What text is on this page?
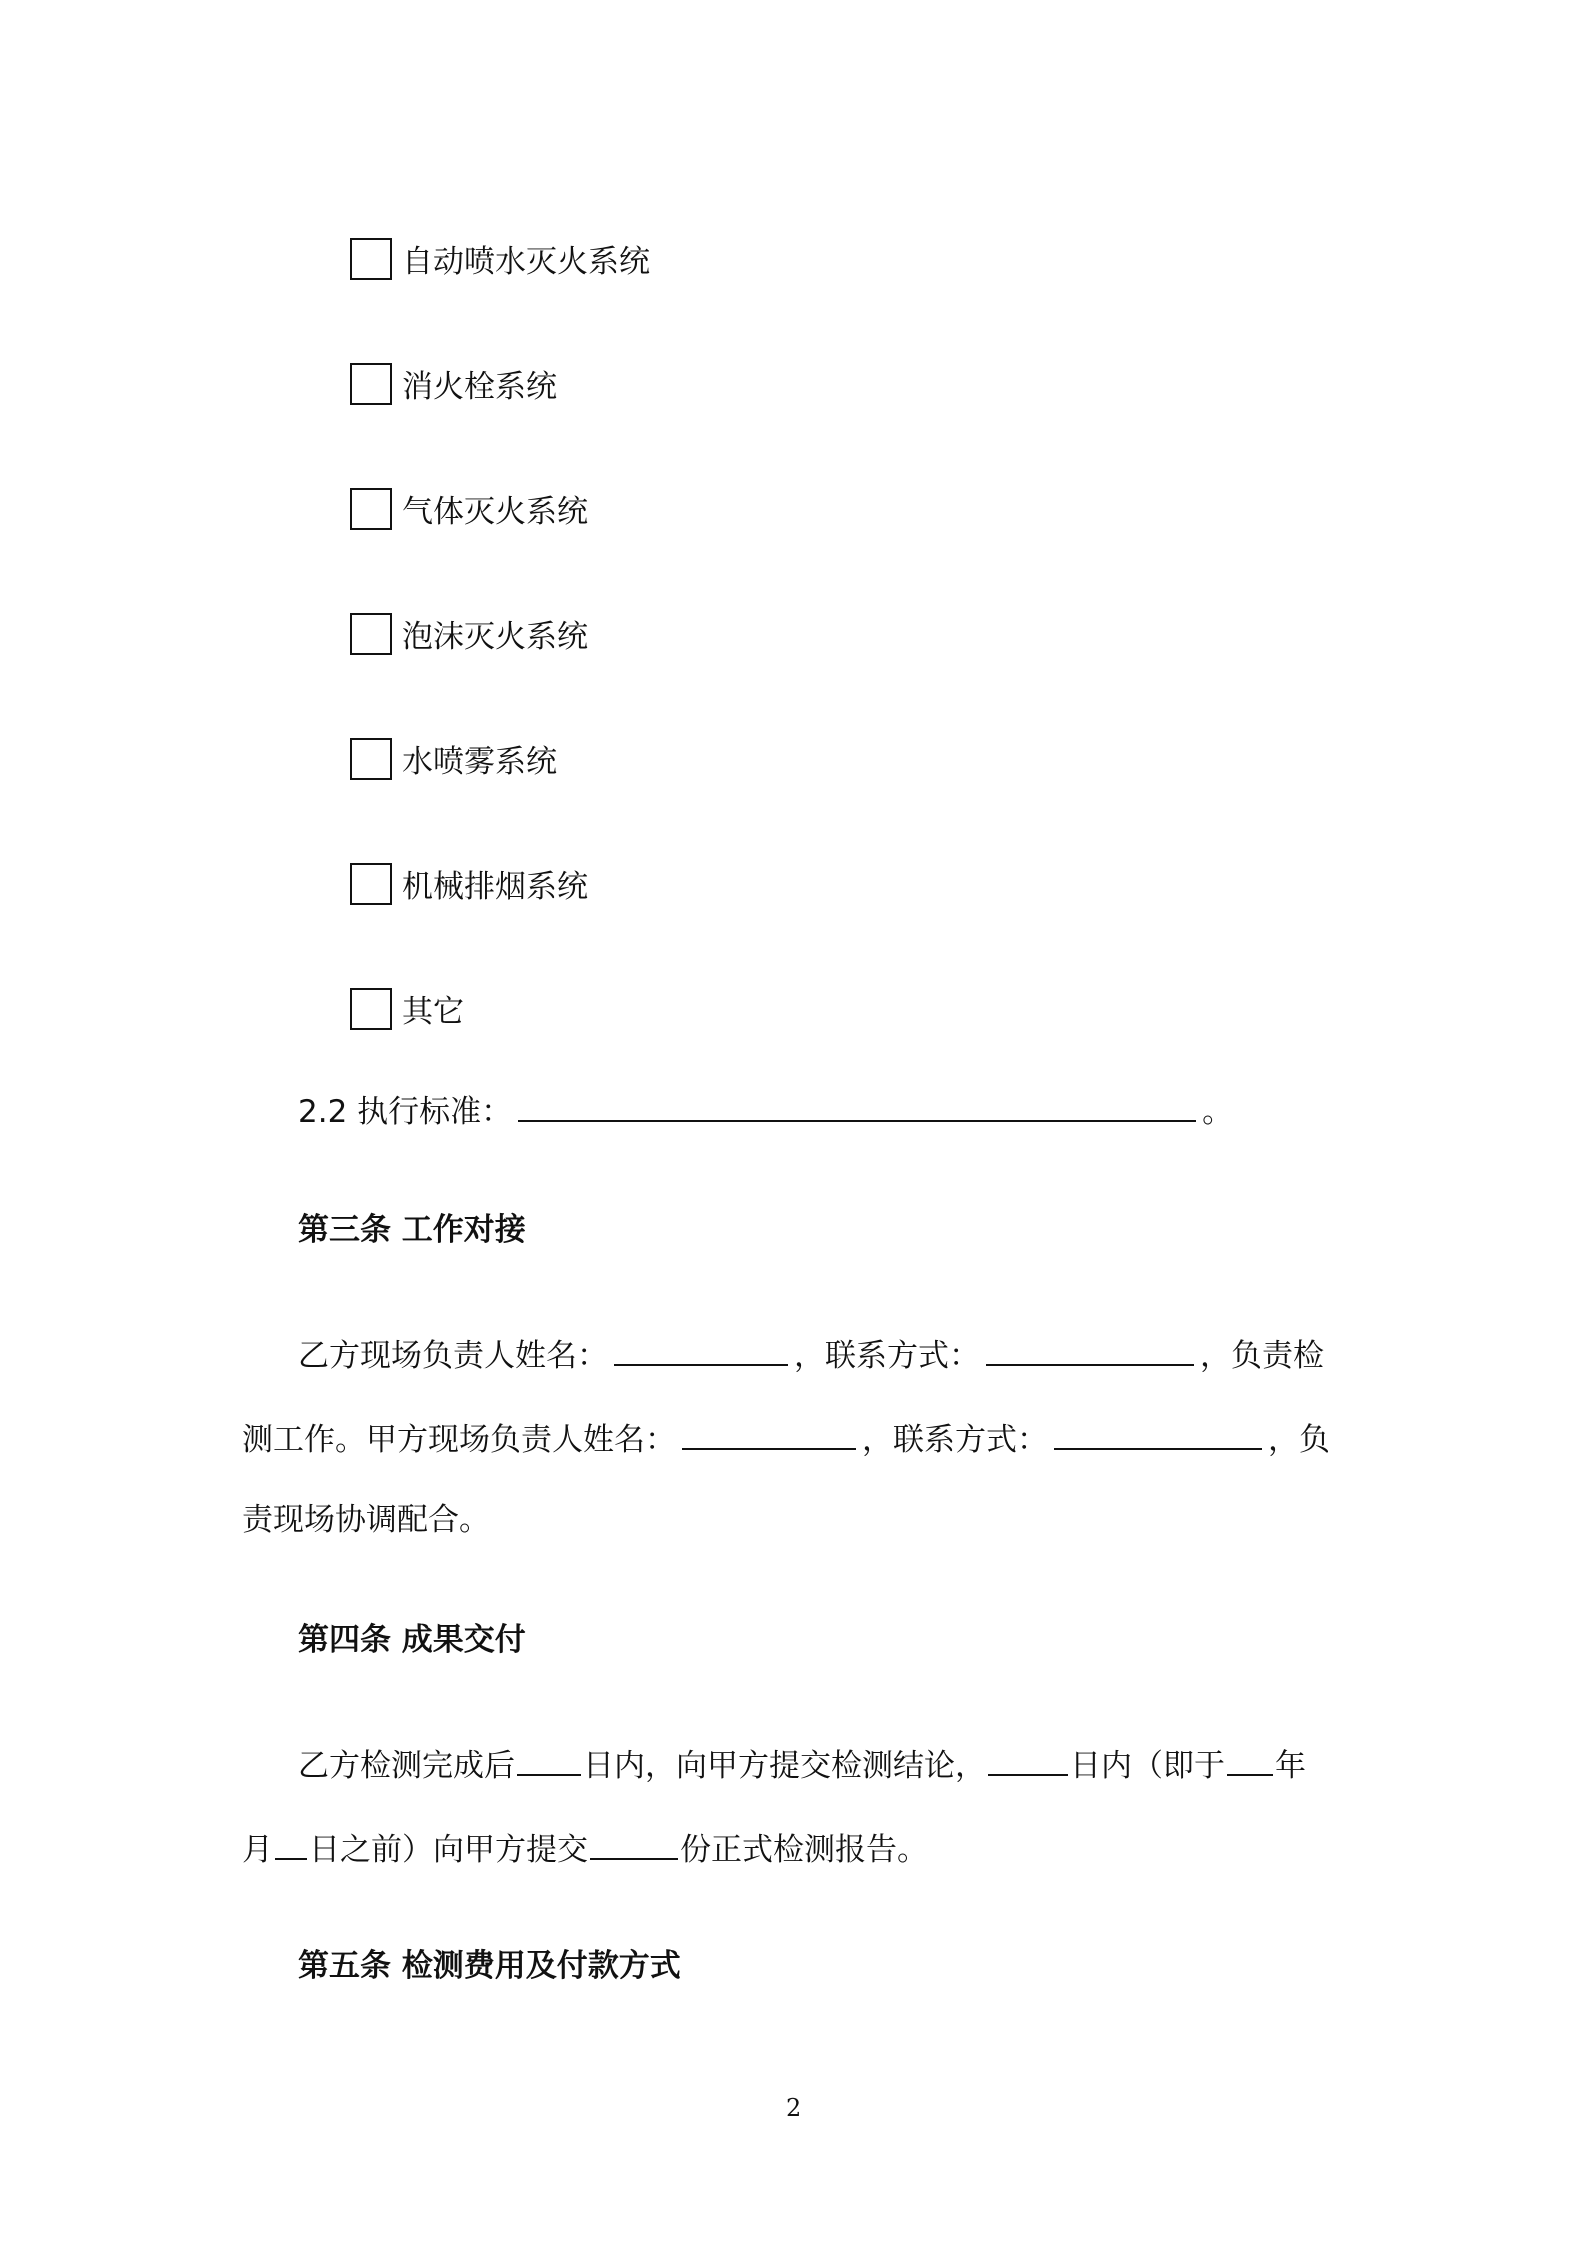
自动喷水灭火系统
消火栓系统
气体灭火系统
泡沫灭火系统
水喷雾系统
机械排烟系统
其它
2.2 执行标准：	。
第三条 工作对接
乙方现场负责人姓名：	，联系方式：	，负责检
测工作。甲方现场负责人姓名：	，联系方式：	，负
责现场协调配合。
第四条 成果交付
乙方检测完成后 日内，向甲方提交检测结论，	日内（即于 年
月 日之前）向甲方提交	份正式检测报告。
第五条 检测费用及付款方式
2
